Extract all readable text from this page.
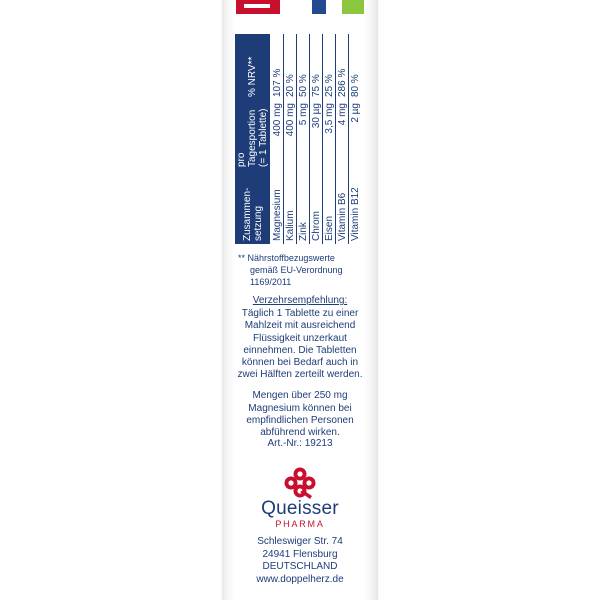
Zusammen-setzung	pro Tagesportion (= 1 Tablette)	% NRV**
Magnesium	400 mg	107 %
Kalium	400 mg	20 %
Zink	5 mg	50 %
Chrom	30 µg	75 %
Eisen	3,5 mg	25 %
Vitamin B6	4 mg	286 %
Vitamin B12	2 µg	80 %
** Nährstoffbezugswerte
gemäß EU-Verordnung
1169/2011
Verzehrsempfehlung:

Täglich 1 Tablette zu einer

Mahlzeit mit ausreichend

Flüssigkeit unzerkaut

einnehmen. Die Tabletten

können bei Bedarf auch in

zwei Hälften zerteilt werden.

Mengen über 250 mg

Magnesium können bei

empfindlichen Personen

abführend wirken.

Art.-Nr.: 19213
Queisser
PHARMA
Schleswiger Str. 74
24941 Flensburg
DEUTSCHLAND
www.doppelherz.de
